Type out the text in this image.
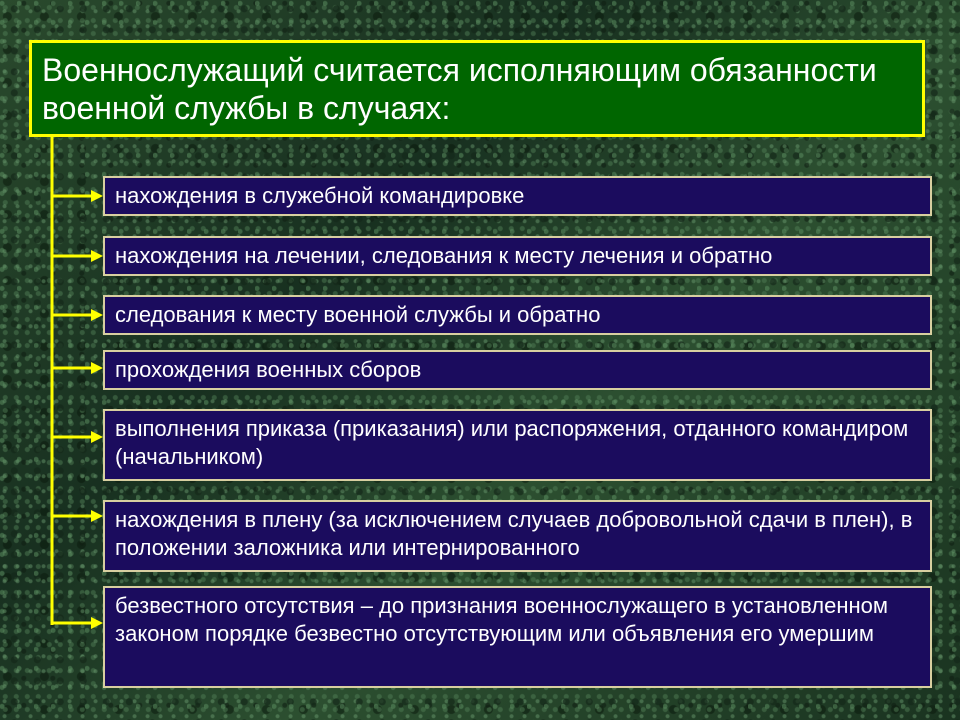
Военнослужащий считается исполняющим обязанности военной службы в случаях:
нахождения в служебной командировке
нахождения на лечении, следования к месту лечения и обратно
следования к месту военной службы и обратно
прохождения военных сборов
выполнения приказа (приказания) или распоряжения, отданного командиром (начальником)
нахождения в плену (за исключением случаев добровольной сдачи в плен), в положении заложника или интернированного
безвестного отсутствия – до признания военнослужащего в установленном законом порядке безвестно отсутствующим или объявления его умершим
